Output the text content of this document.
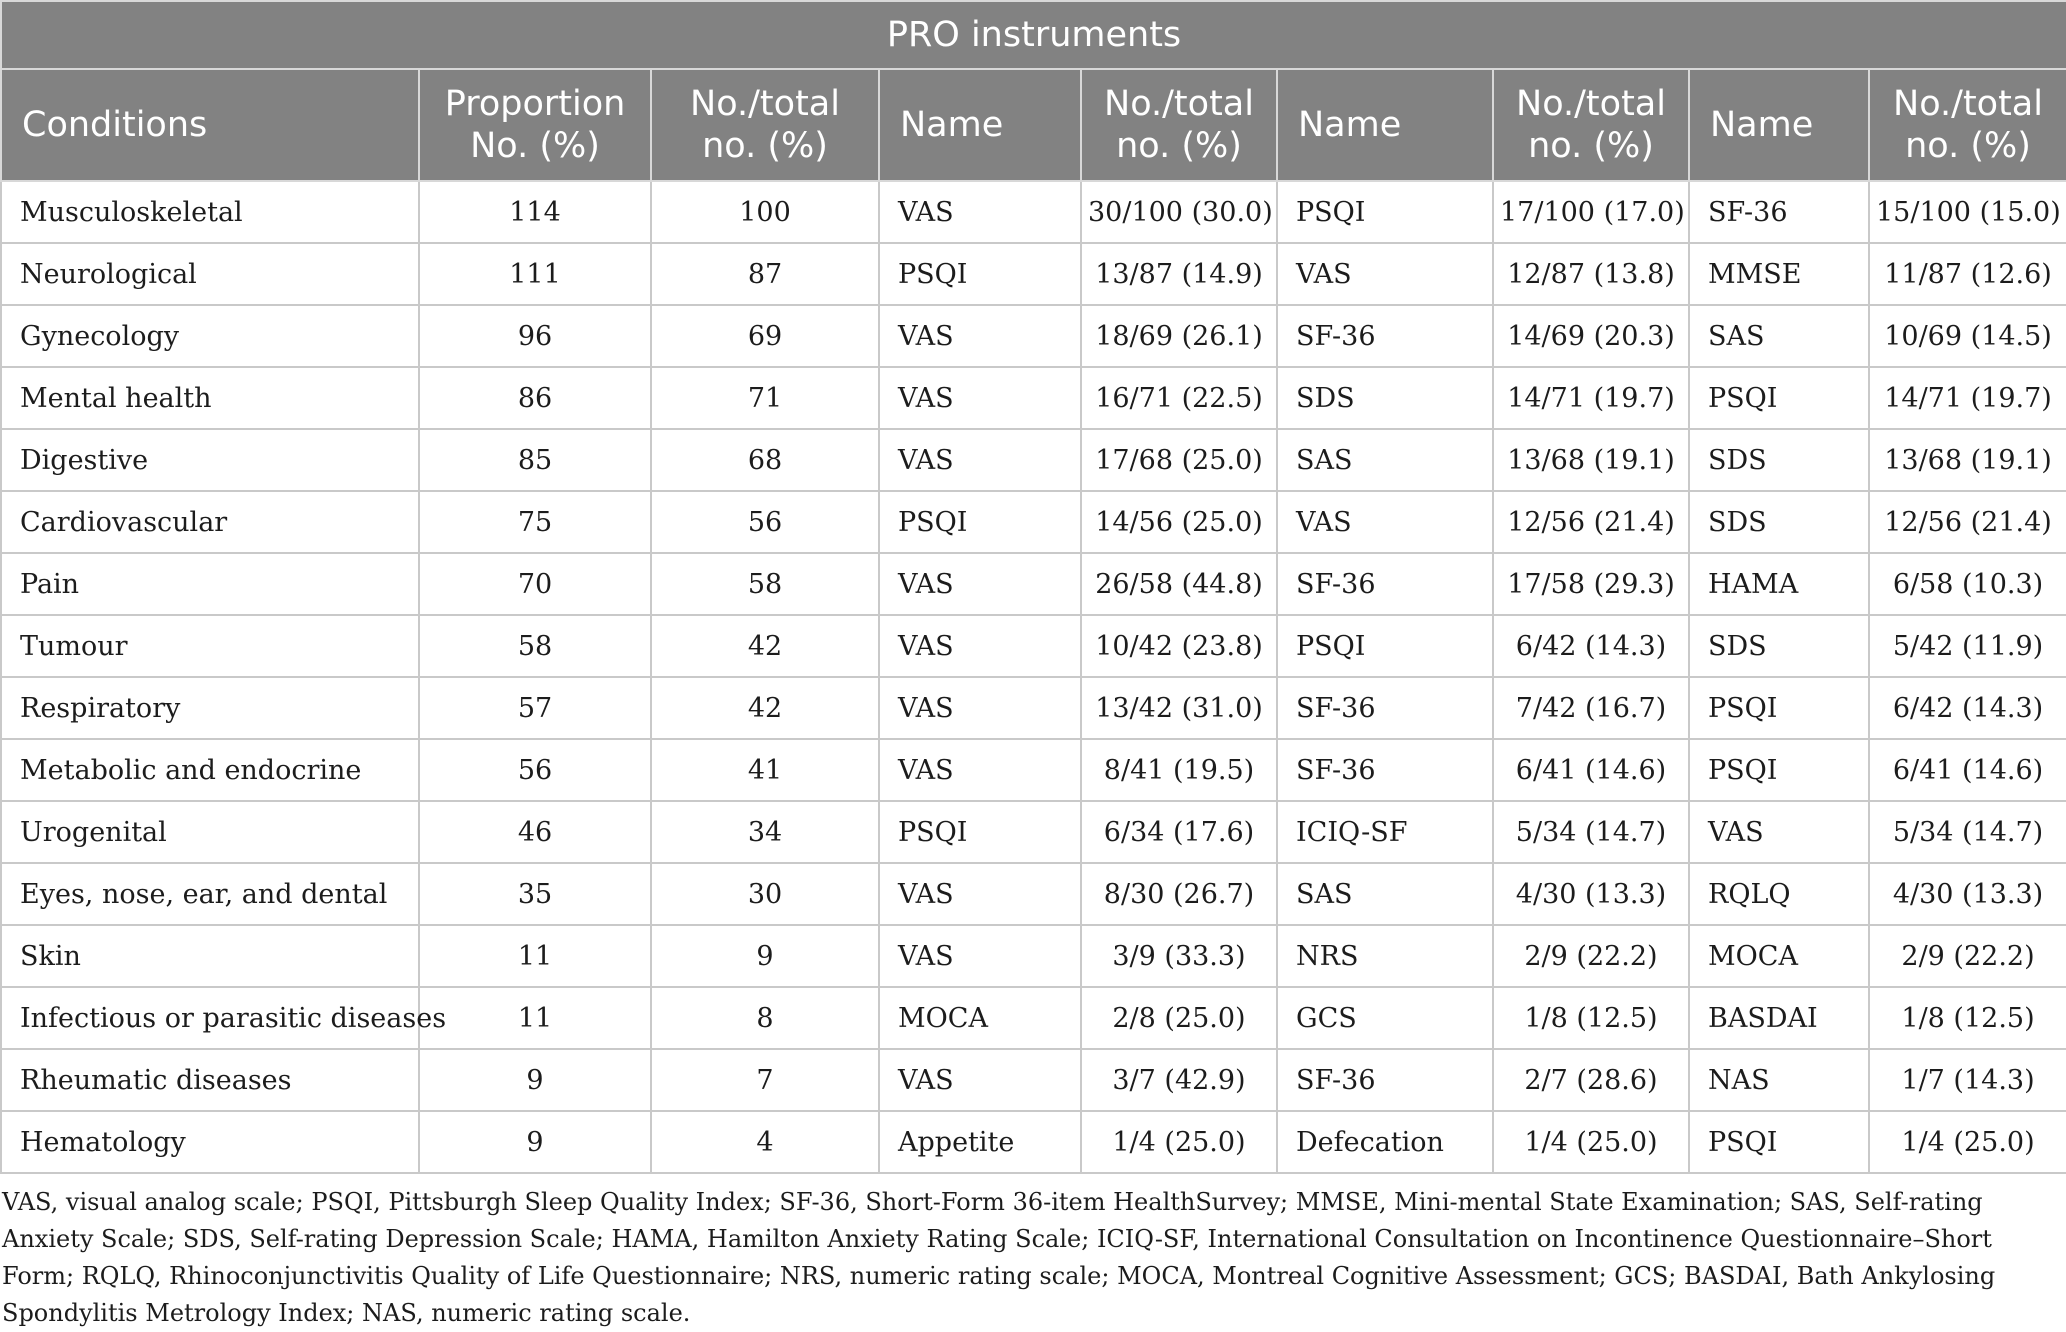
PRO instruments								
Conditions	Proportion No. (%)	No./total no. (%)	Name	No./total no. (%)	Name	No./total no. (%)	Name	No./total no. (%)
Musculoskeletal	114	100	VAS	30/100 (30.0)	PSQI	17/100 (17.0)	SF-36	15/100 (15.0)
Neurological	111	87	PSQI	13/87 (14.9)	VAS	12/87 (13.8)	MMSE	11/87 (12.6)
Gynecology	96	69	VAS	18/69 (26.1)	SF-36	14/69 (20.3)	SAS	10/69 (14.5)
Mental health	86	71	VAS	16/71 (22.5)	SDS	14/71 (19.7)	PSQI	14/71 (19.7)
Digestive	85	68	VAS	17/68 (25.0)	SAS	13/68 (19.1)	SDS	13/68 (19.1)
Cardiovascular	75	56	PSQI	14/56 (25.0)	VAS	12/56 (21.4)	SDS	12/56 (21.4)
Pain	70	58	VAS	26/58 (44.8)	SF-36	17/58 (29.3)	HAMA	6/58 (10.3)
Tumour	58	42	VAS	10/42 (23.8)	PSQI	6/42 (14.3)	SDS	5/42 (11.9)
Respiratory	57	42	VAS	13/42 (31.0)	SF-36	7/42 (16.7)	PSQI	6/42 (14.3)
Metabolic and endocrine	56	41	VAS	8/41 (19.5)	SF-36	6/41 (14.6)	PSQI	6/41 (14.6)
Urogenital	46	34	PSQI	6/34 (17.6)	ICIQ-SF	5/34 (14.7)	VAS	5/34 (14.7)
Eyes, nose, ear, and dental	35	30	VAS	8/30 (26.7)	SAS	4/30 (13.3)	RQLQ	4/30 (13.3)
Skin	11	9	VAS	3/9 (33.3)	NRS	2/9 (22.2)	MOCA	2/9 (22.2)
Infectious or parasitic diseases	11	8	MOCA	2/8 (25.0)	GCS	1/8 (12.5)	BASDAI	1/8 (12.5)
Rheumatic diseases	9	7	VAS	3/7 (42.9)	SF-36	2/7 (28.6)	NAS	1/7 (14.3)
Hematology	9	4	Appetite	1/4 (25.0)	Defecation	1/4 (25.0)	PSQI	1/4 (25.0)

VAS, visual analog scale; PSQI, Pittsburgh Sleep Quality Index; SF-36, Short-Form 36-item HealthSurvey; MMSE, Mini-mental State Examination; SAS, Self-rating Anxiety Scale; SDS, Self-rating Depression Scale; HAMA, Hamilton Anxiety Rating Scale; ICIQ-SF, International Consultation on Incontinence Questionnaire–Short Form; RQLQ, Rhinoconjunctivitis Quality of Life Questionnaire; NRS, numeric rating scale; MOCA, Montreal Cognitive Assessment; GCS; BASDAI, Bath Ankylosing Spondylitis Metrology Index; NAS, numeric rating scale.
